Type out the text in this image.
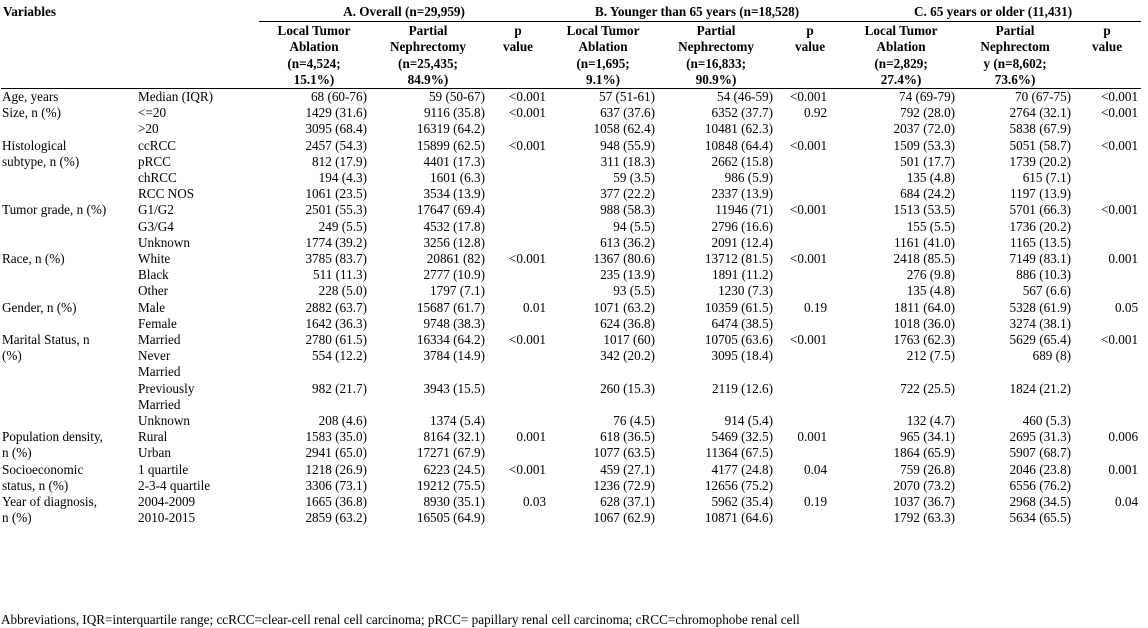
Variables		A. Overall (n=29,959)			B. Younger than 65 years (n=18,528)			C. 65 years or older (11,431)		
		Local Tumor
Ablation
(n=4,524;
15.1%)	Partial
Nephrectomy
(n=25,435;
84.9%)	p
value	Local Tumor
Ablation
(n=1,695;
9.1%)	Partial
Nephrectomy
(n=16,833;
90.9%)	p
value	Local Tumor
Ablation
(n=2,829;
27.4%)	Partial
Nephrectom
y (n=8,602;
73.6%)	p
value
Age, years	Median (IQR)	68 (60-76)	59 (50-67)	<0.001	57 (51-61)	54 (46-59)	<0.001	74 (69-79)	70 (67-75)	<0.001
Size, n (%)	<=20	1429 (31.6)	9116 (35.8)	<0.001	637 (37.6)	6352 (37.7)	0.92	792 (28.0)	2764 (32.1)	<0.001
	>20	3095 (68.4)	16319 (64.2)		1058 (62.4)	10481 (62.3)		2037 (72.0)	5838 (67.9)	
Histological	ccRCC	2457 (54.3)	15899 (62.5)	<0.001	948 (55.9)	10848 (64.4)	<0.001	1509 (53.3)	5051 (58.7)	<0.001
subtype, n (%)	pRCC	812 (17.9)	4401 (17.3)		311 (18.3)	2662 (15.8)		501 (17.7)	1739 (20.2)	
	chRCC	194 (4.3)	1601 (6.3)		59 (3.5)	986 (5.9)		135 (4.8)	615 (7.1)	
	RCC NOS	1061 (23.5)	3534 (13.9)		377 (22.2)	2337 (13.9)		684 (24.2)	1197 (13.9)	
Tumor grade, n (%)	G1/G2	2501 (55.3)	17647 (69.4)		988 (58.3)	11946 (71)	<0.001	1513 (53.5)	5701 (66.3)	<0.001
	G3/G4	249 (5.5)	4532 (17.8)		94 (5.5)	2796 (16.6)		155 (5.5)	1736 (20.2)	
	Unknown	1774 (39.2)	3256 (12.8)		613 (36.2)	2091 (12.4)		1161 (41.0)	1165 (13.5)	
Race, n (%)	White	3785 (83.7)	20861 (82)	<0.001	1367 (80.6)	13712 (81.5)	<0.001	2418 (85.5)	7149 (83.1)	0.001
	Black	511 (11.3)	2777 (10.9)		235 (13.9)	1891 (11.2)		276 (9.8)	886 (10.3)	
	Other	228 (5.0)	1797 (7.1)		93 (5.5)	1230 (7.3)		135 (4.8)	567 (6.6)	
Gender, n (%)	Male	2882 (63.7)	15687 (61.7)	0.01	1071 (63.2)	10359 (61.5)	0.19	1811 (64.0)	5328 (61.9)	0.05
	Female	1642 (36.3)	9748 (38.3)		624 (36.8)	6474 (38.5)		1018 (36.0)	3274 (38.1)	
Marital Status, n	Married	2780 (61.5)	16334 (64.2)	<0.001	1017 (60)	10705 (63.6)	<0.001	1763 (62.3)	5629 (65.4)	<0.001
(%)	Never	554 (12.2)	3784 (14.9)		342 (20.2)	3095 (18.4)		212 (7.5)	689 (8)	
	Married									
	Previously	982 (21.7)	3943 (15.5)		260 (15.3)	2119 (12.6)		722 (25.5)	1824 (21.2)	
	Married									
	Unknown	208 (4.6)	1374 (5.4)		76 (4.5)	914 (5.4)		132 (4.7)	460 (5.3)	
Population density,	Rural	1583 (35.0)	8164 (32.1)	0.001	618 (36.5)	5469 (32.5)	0.001	965 (34.1)	2695 (31.3)	0.006
n (%)	Urban	2941 (65.0)	17271 (67.9)		1077 (63.5)	11364 (67.5)		1864 (65.9)	5907 (68.7)	
Socioeconomic	1 quartile	1218 (26.9)	6223 (24.5)	<0.001	459 (27.1)	4177 (24.8)	0.04	759 (26.8)	2046 (23.8)	0.001
status, n (%)	2-3-4 quartile	3306 (73.1)	19212 (75.5)		1236 (72.9)	12656 (75.2)		2070 (73.2)	6556 (76.2)	
Year of diagnosis,	2004-2009	1665 (36.8)	8930 (35.1)	0.03	628 (37.1)	5962 (35.4)	0.19	1037 (36.7)	2968 (34.5)	0.04
n (%)	2010-2015	2859 (63.2)	16505 (64.9)		1067 (62.9)	10871 (64.6)		1792 (63.3)	5634 (65.5)	
Abbreviations, IQR=interquartile range; ccRCC=clear-cell renal cell carcinoma; pRCC= papillary renal cell carcinoma; cRCC=chromophobe renal cell
